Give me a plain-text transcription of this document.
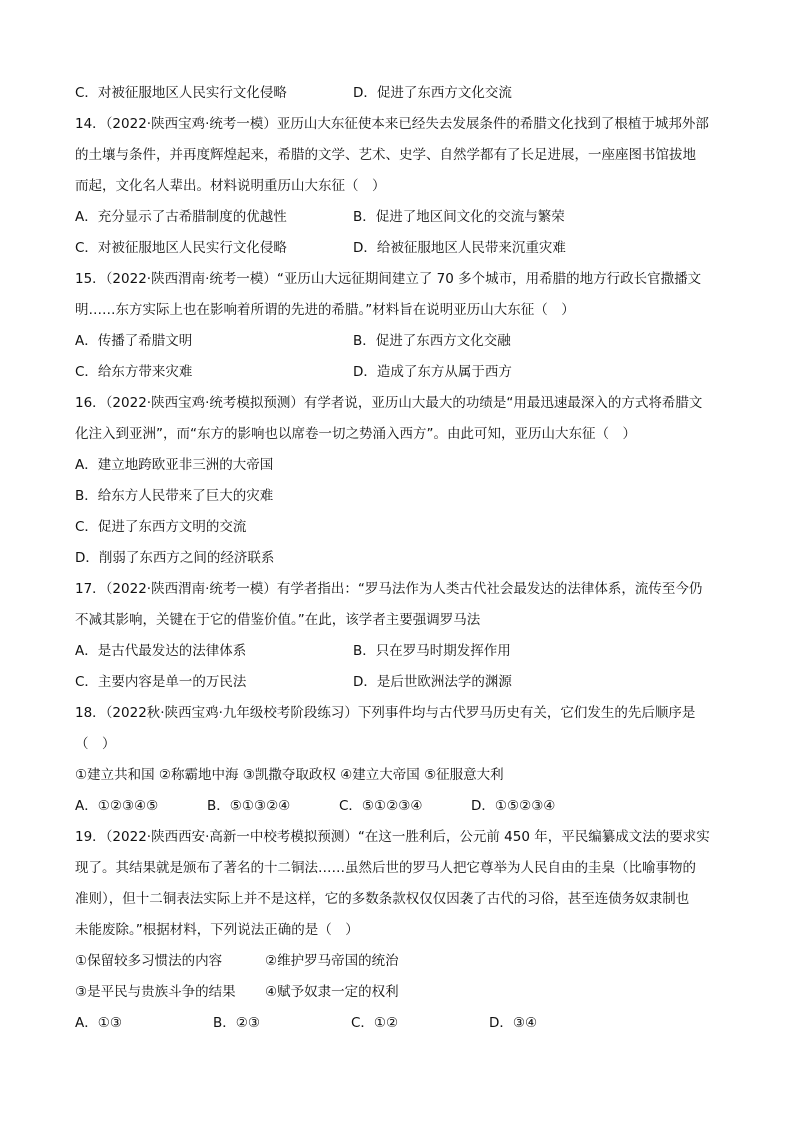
C．对被征服地区人民实行文化侵略	D．促进了东西方文化交流
14．（2022·陕西宝鸡·统考一模）亚历山大东征使本来已经失去发展条件的希腊文化找到了根植于城邦外部
的土壤与条件，并再度辉煌起来，希腊的文学、艺术、史学、自然学都有了长足进展，一座座图书馆拔地
而起，文化名人辈出。材料说明重历山大东征（　）
A．充分显示了古希腊制度的优越性	B．促进了地区间文化的交流与繁荣
C．对被征服地区人民实行文化侵略	D．给被征服地区人民带来沉重灾难
15．（2022·陕西渭南·统考一模）“亚历山大远征期间建立了 70 多个城市，用希腊的地方行政长官撒播文
明……东方实际上也在影响着所谓的先进的希腊。”材料旨在说明亚历山大东征（　）
A．传播了希腊文明	B．促进了东西方文化交融
C．给东方带来灾难	D．造成了东方从属于西方
16．（2022·陕西宝鸡·统考模拟预测）有学者说，亚历山大最大的功绩是“用最迅速最深入的方式将希腊文
化注入到亚洲”，而“东方的影响也以席卷一切之势涌入西方”。由此可知，亚历山大东征（　）
A．建立地跨欧亚非三洲的大帝国
B．给东方人民带来了巨大的灾难
C．促进了东西方文明的交流
D．削弱了东西方之间的经济联系
17．（2022·陕西渭南·统考一模）有学者指出：“罗马法作为人类古代社会最发达的法律体系，流传至今仍
不减其影响，关键在于它的借鉴价值。”在此，该学者主要强调罗马法
A．是古代最发达的法律体系	B．只在罗马时期发挥作用
C．主要内容是单一的万民法	D．是后世欧洲法学的渊源
18．（2022秋·陕西宝鸡·九年级校考阶段练习）下列事件均与古代罗马历史有关，它们发生的先后顺序是
（　）
①建立共和国 ②称霸地中海 ③凯撒夺取政权 ④建立大帝国 ⑤征服意大利
A．①②③④⑤	B．⑤①③②④	C．⑤①②③④	D．①⑤②③④
19．（2022·陕西西安·高新一中校考模拟预测）“在这一胜利后，公元前 450 年，平民编纂成文法的要求实
现了。其结果就是颁布了著名的十二铜法……虽然后世的罗马人把它尊举为人民自由的圭臬（比喻事物的
准则），但十二铜表法实际上并不是这样，它的多数条款权仅仅因袭了古代的习俗，甚至连债务奴隶制也
未能废除。”根据材料，下列说法正确的是（　）
①保留较多习惯法的内容	②维护罗马帝国的统治
③是平民与贵族斗争的结果	④赋予奴隶一定的权利
A．①③	B．②③	C．①②	D．③④
